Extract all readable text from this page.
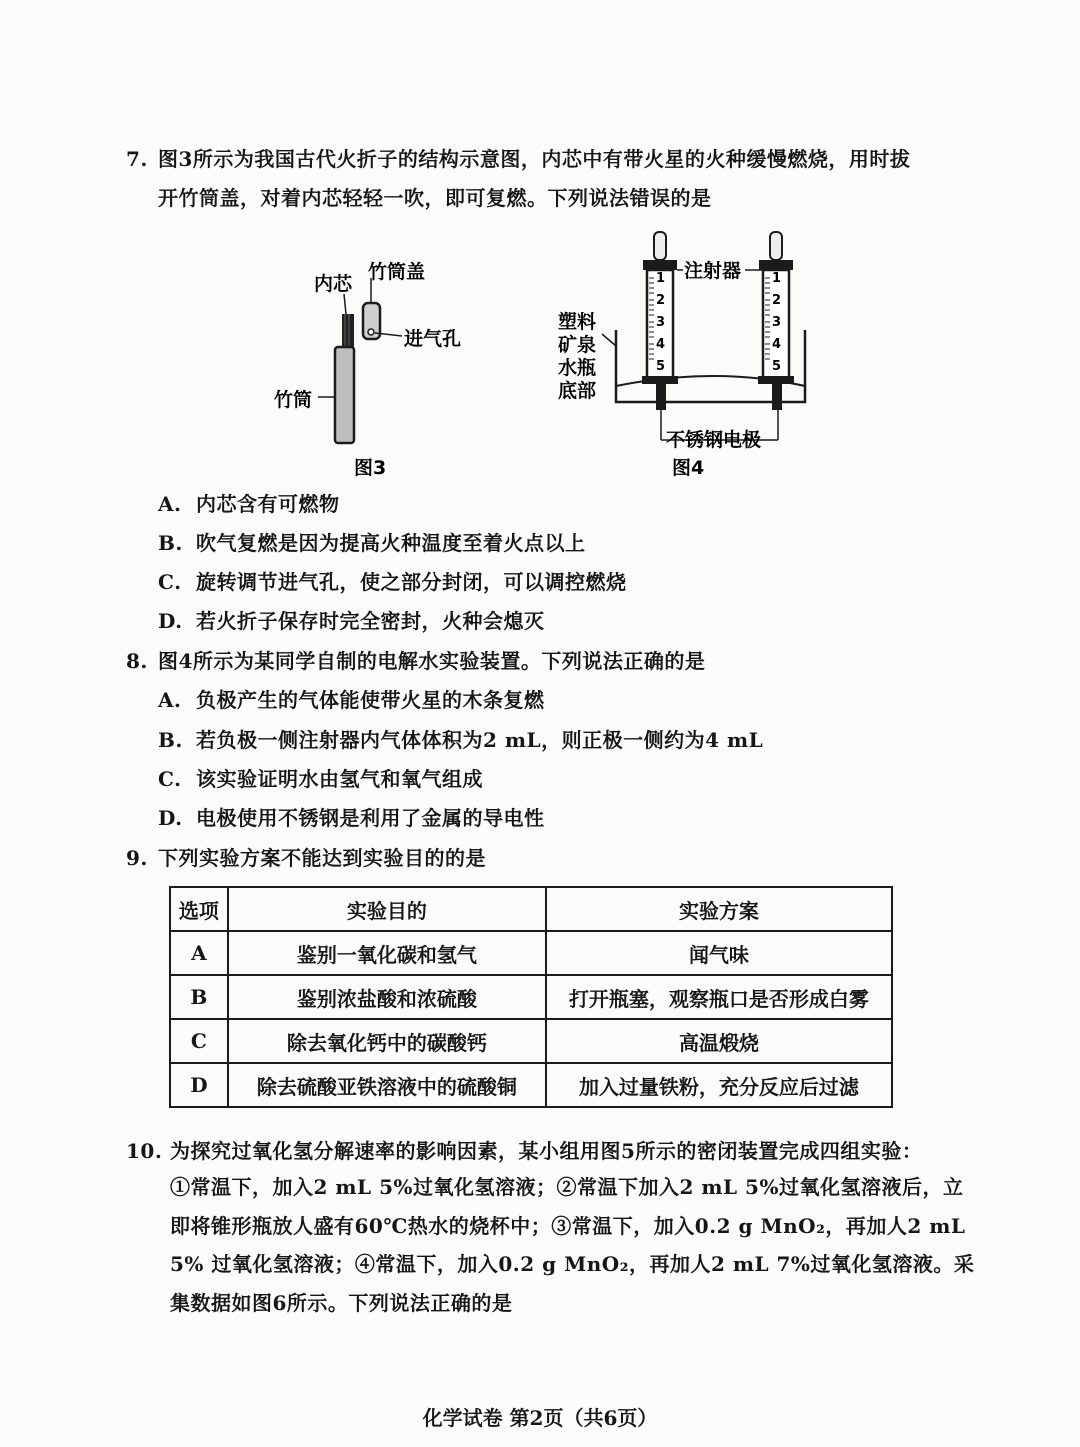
7. 图3所示为我国古代火折子的结构示意图，内芯中有带火星的火种缓慢燃烧，用时拔
开竹筒盖，对着内芯轻轻一吹，即可复燃。下列说法错误的是
内芯
竹筒盖
进气孔
竹筒
图3
1
2
3
4
5
1
2
3
4
5
注射器
塑料
矿泉
水瓶
底部
不锈钢电极
图4
A. 内芯含有可燃物
B. 吹气复燃是因为提高火种温度至着火点以上
C. 旋转调节进气孔，使之部分封闭，可以调控燃烧
D. 若火折子保存时完全密封，火种会熄灭
8. 图4所示为某同学自制的电解水实验装置。下列说法正确的是
A. 负极产生的气体能使带火星的木条复燃
B. 若负极一侧注射器内气体体积为2 mL，则正极一侧约为4 mL
C. 该实验证明水由氢气和氧气组成
D. 电极使用不锈钢是利用了金属的导电性
9. 下列实验方案不能达到实验目的的是
选项	实验目的	实验方案
A	鉴别一氧化碳和氢气	闻气味
B	鉴别浓盐酸和浓硫酸	打开瓶塞，观察瓶口是否形成白雾
C	除去氧化钙中的碳酸钙	高温煅烧
D	除去硫酸亚铁溶液中的硫酸铜	加入过量铁粉，充分反应后过滤
10. 为探究过氧化氢分解速率的影响因素，某小组用图5所示的密闭装置完成四组实验：
①常温下，加入2 mL 5%过氧化氢溶液；②常温下加入2 mL 5%过氧化氢溶液后，立
即将锥形瓶放人盛有60℃热水的烧杯中；③常温下，加入0.2 g MnO₂，再加人2 mL
5% 过氧化氢溶液；④常温下，加入0.2 g MnO₂，再加人2 mL 7%过氧化氢溶液。采
集数据如图6所示。下列说法正确的是
化学试卷 第2页（共6页）
